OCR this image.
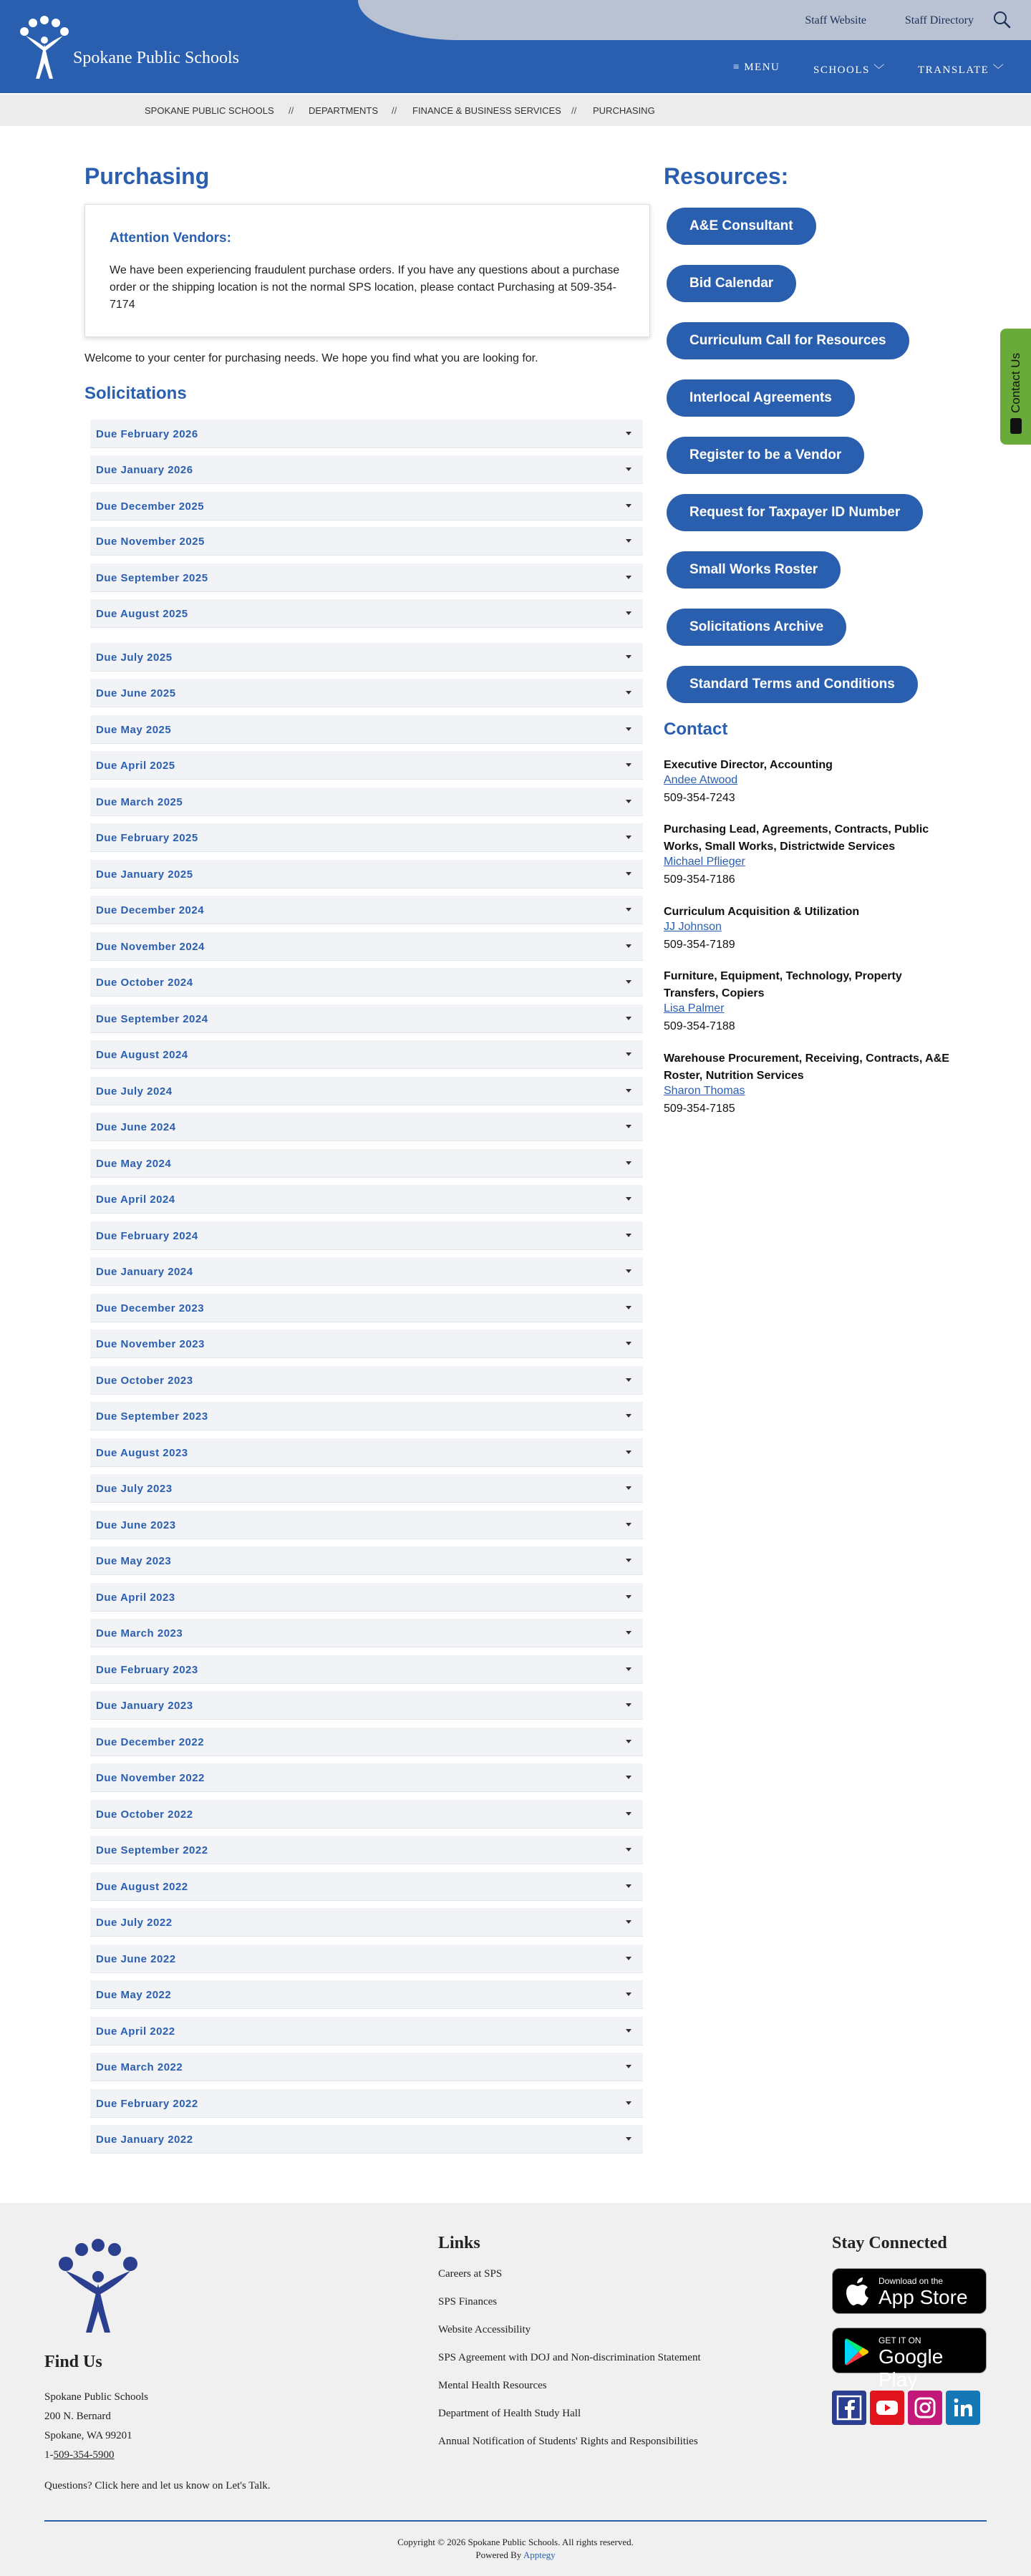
Staff Website	Staff Directory
Spokane Public Schools	≡ MENU	SCHOOLS ﹀	TRANSLATE ﹀
SPOKANE PUBLIC SCHOOLS // DEPARTMENTS // FINANCE & BUSINESS SERVICES // PURCHASING
Purchasing
Attention Vendors:
We have been experiencing fraudulent purchase orders. If you have any questions about a purchase order or the shipping location is not the normal SPS location, please contact Purchasing at 509-354-7174

Welcome to your center for purchasing needs. We hope you find what you are looking for.

Solicitations
Due February 2026
Due January 2026
Due December 2025
Due November 2025
Due September 2025
Due August 2025
Due July 2025
Due June 2025
Due May 2025
Due April 2025
Due March 2025
Due February 2025
Due January 2025
Due December 2024
Due November 2024
Due October 2024
Due September 2024
Due August 2024
Due July 2024
Due June 2024
Due May 2024
Due April 2024
Due February 2024
Due January 2024
Due December 2023
Due November 2023
Due October 2023
Due September 2023
Due August 2023
Due July 2023
Due June 2023
Due May 2023
Due April 2023
Due March 2023
Due February 2023
Due January 2023
Due December 2022
Due November 2022
Due October 2022
Due September 2022
Due August 2022
Due July 2022
Due June 2022
Due May 2022
Due April 2022
Due March 2022
Due February 2022
Due January 2022
Resources:
A&E Consultant
Bid Calendar
Curriculum Call for Resources
Interlocal Agreements
Register to be a Vendor
Request for Taxpayer ID Number
Small Works Roster
Solicitations Archive
Standard Terms and Conditions
Contact
Executive Director, Accounting
Andee Atwood
509-354-7243
Purchasing Lead, Agreements, Contracts, Public Works, Small Works, Districtwide Services
Michael Pflieger
509-354-7186
Curriculum Acquisition & Utilization
JJ Johnson
509-354-7189
Furniture, Equipment, Technology, Property Transfers, Copiers
Lisa Palmer
509-354-7188
Warehouse Procurement, Receiving, Contracts, A&E Roster, Nutrition Services
Sharon Thomas
509-354-7185
Contact Us
Find Us
Spokane Public Schools
200 N. Bernard
Spokane, WA 99201
1-509-354-5900
Questions? Click here and let us know on Let's Talk.
Links
Careers at SPS
SPS Finances
Website Accessibility
SPS Agreement with DOJ and Non-discrimination Statement
Mental Health Resources
Department of Health Study Hall
Annual Notification of Students' Rights and Responsibilities
Stay Connected
Download on the
App Store
GET IT ON
Google Play
Copyright © 2026 Spokane Public Schools. All rights reserved.
Powered By Apptegy
